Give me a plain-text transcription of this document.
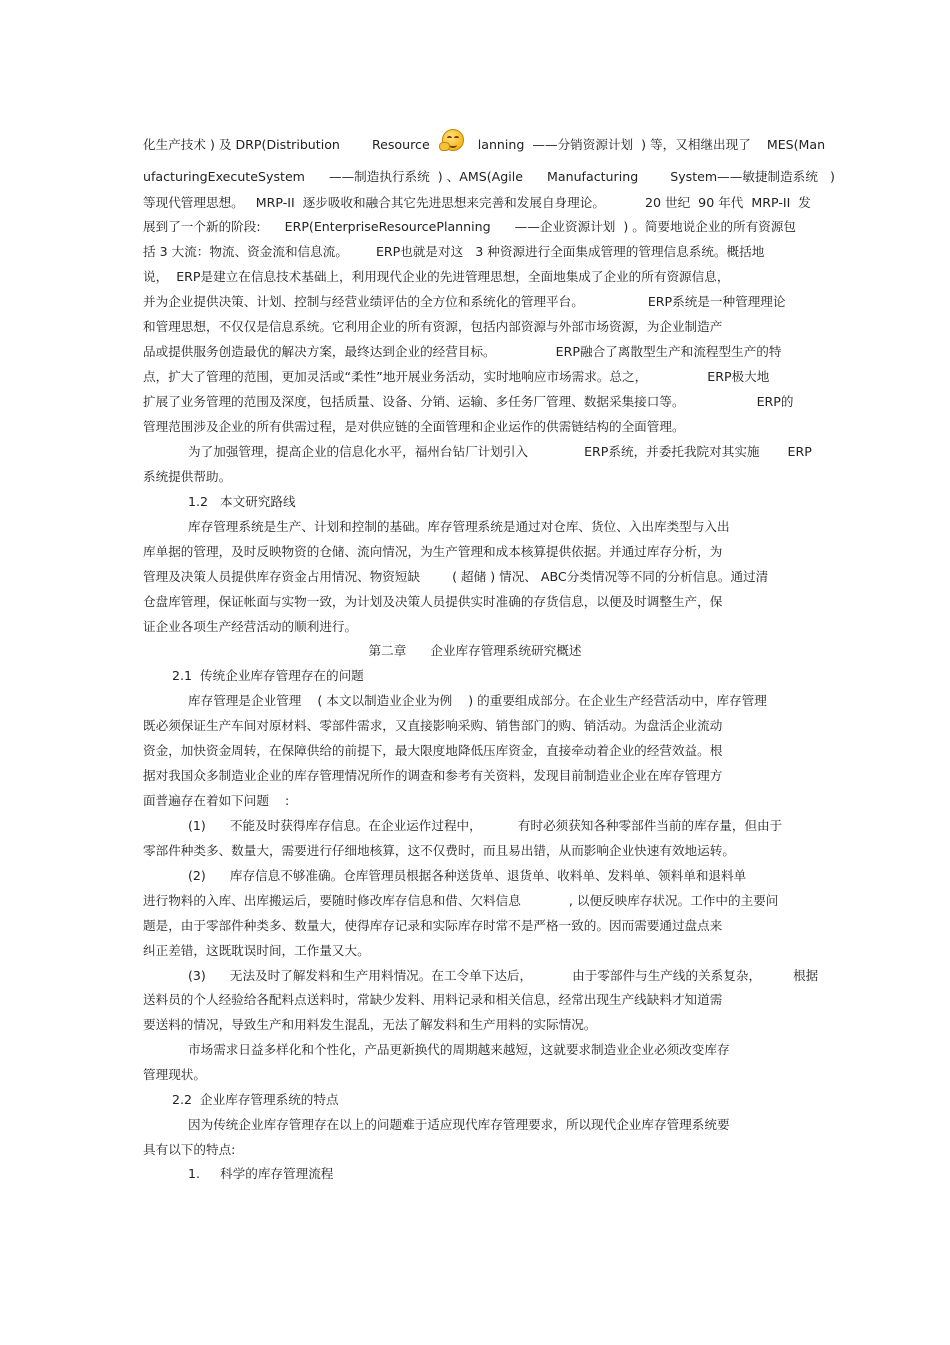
化生产技术 ) 及 DRP(Distribution        Resource            lanning  ——分销资源计划  ) 等，又相继出现了    MES(Man
ufacturingExecuteSystem      ——制造执行系统  ) 、AMS(Agile      Manufacturing        System——敏捷制造系统   )
等现代管理思想。   MRP-II  逐步吸收和融合其它先进思想来完善和发展自身理论。          20 世纪  90 年代  MRP-II  发
展到了一个新的阶段:      ERP(EnterpriseResourcePlanning      ——企业资源计划  ) 。简要地说企业的所有资源包
括 3 大流：物流、资金流和信息流。       ERP也就是对这   3 种资源进行全面集成管理的管理信息系统。概括地
说，  ERP是建立在信息技术基础上，利用现代企业的先进管理思想，全面地集成了企业的所有资源信息，
并为企业提供决策、计划、控制与经营业绩评估的全方位和系统化的管理平台。                ERP系统是一种管理理论
和管理思想，不仅仅是信息系统。它利用企业的所有资源，包括内部资源与外部市场资源，为企业制造产
品或提供服务创造最优的解决方案，最终达到企业的经营目标。               ERP融合了离散型生产和流程型生产的特
点，扩大了管理的范围，更加灵活或“柔性”地开展业务活动，实时地响应市场需求。总之，               ERP极大地
扩展了业务管理的范围及深度，包括质量、设备、分销、运输、多任务厂管理、数据采集接口等。                  ERP的
管理范围涉及企业的所有供需过程，是对供应链的全面管理和企业运作的供需链结构的全面管理。
为了加强管理，提高企业的信息化水平，福州台钻厂计划引入              ERP系统，并委托我院对其实施       ERP
系统提供帮助。
1.2   本文研究路线
库存管理系统是生产、计划和控制的基础。库存管理系统是通过对仓库、货位、入出库类型与入出
库单据的管理，及时反映物资的仓储、流向情况，为生产管理和成本核算提供依据。并通过库存分析，为
管理及决策人员提供库存资金占用情况、物资短缺        ( 超储 ) 情况、 ABC分类情况等不同的分析信息。通过清
仓盘库管理，保证帐面与实物一致，为计划及决策人员提供实时准确的存货信息，以便及时调整生产，保
证企业各项生产经营活动的顺利进行。
第二章      企业库存管理系统研究概述
2.1  传统企业库存管理存在的问题
库存管理是企业管理    ( 本文以制造业企业为例    ) 的重要组成部分。在企业生产经营活动中，库存管理
既必须保证生产车间对原材料、零部件需求，又直接影响采购、销售部门的购、销活动。为盘活企业流动
资金，加快资金周转，在保障供给的前提下，最大限度地降低压库资金，直接牵动着企业的经营效益。根
据对我国众多制造业企业的库存管理情况所作的调查和参考有关资料，发现目前制造业企业在库存管理方
面普遍存在着如下问题    :
(1)      不能及时获得库存信息。在企业运作过程中，         有时必须获知各种零部件当前的库存量，但由于
零部件种类多、数量大，需要进行仔细地核算，这不仅费时，而且易出错，从而影响企业快速有效地运转。
(2)      库存信息不够准确。仓库管理员根据各种送货单、退货单、收料单、发料单、领料单和退料单
进行物料的入库、出库搬运后，要随时修改库存信息和借、欠料信息            , 以便反映库存状况。工作中的主要问
题是，由于零部件种类多、数量大，使得库存记录和实际库存时常不是严格一致的。因而需要通过盘点来
纠正差错，这既耽误时间，工作量又大。
(3)      无法及时了解发料和生产用料情况。在工令单下达后，          由于零部件与生产线的关系复杂，        根据
送料员的个人经验给各配料点送料时，常缺少发料、用料记录和相关信息，经常出现生产线缺料才知道需
要送料的情况，导致生产和用料发生混乱，无法了解发料和生产用料的实际情况。
市场需求日益多样化和个性化，产品更新换代的周期越来越短，这就要求制造业企业必须改变库存
管理现状。
2.2  企业库存管理系统的特点
因为传统企业库存管理存在以上的问题难于适应现代库存管理要求，所以现代企业库存管理系统要
具有以下的特点:
1.     科学的库存管理流程
